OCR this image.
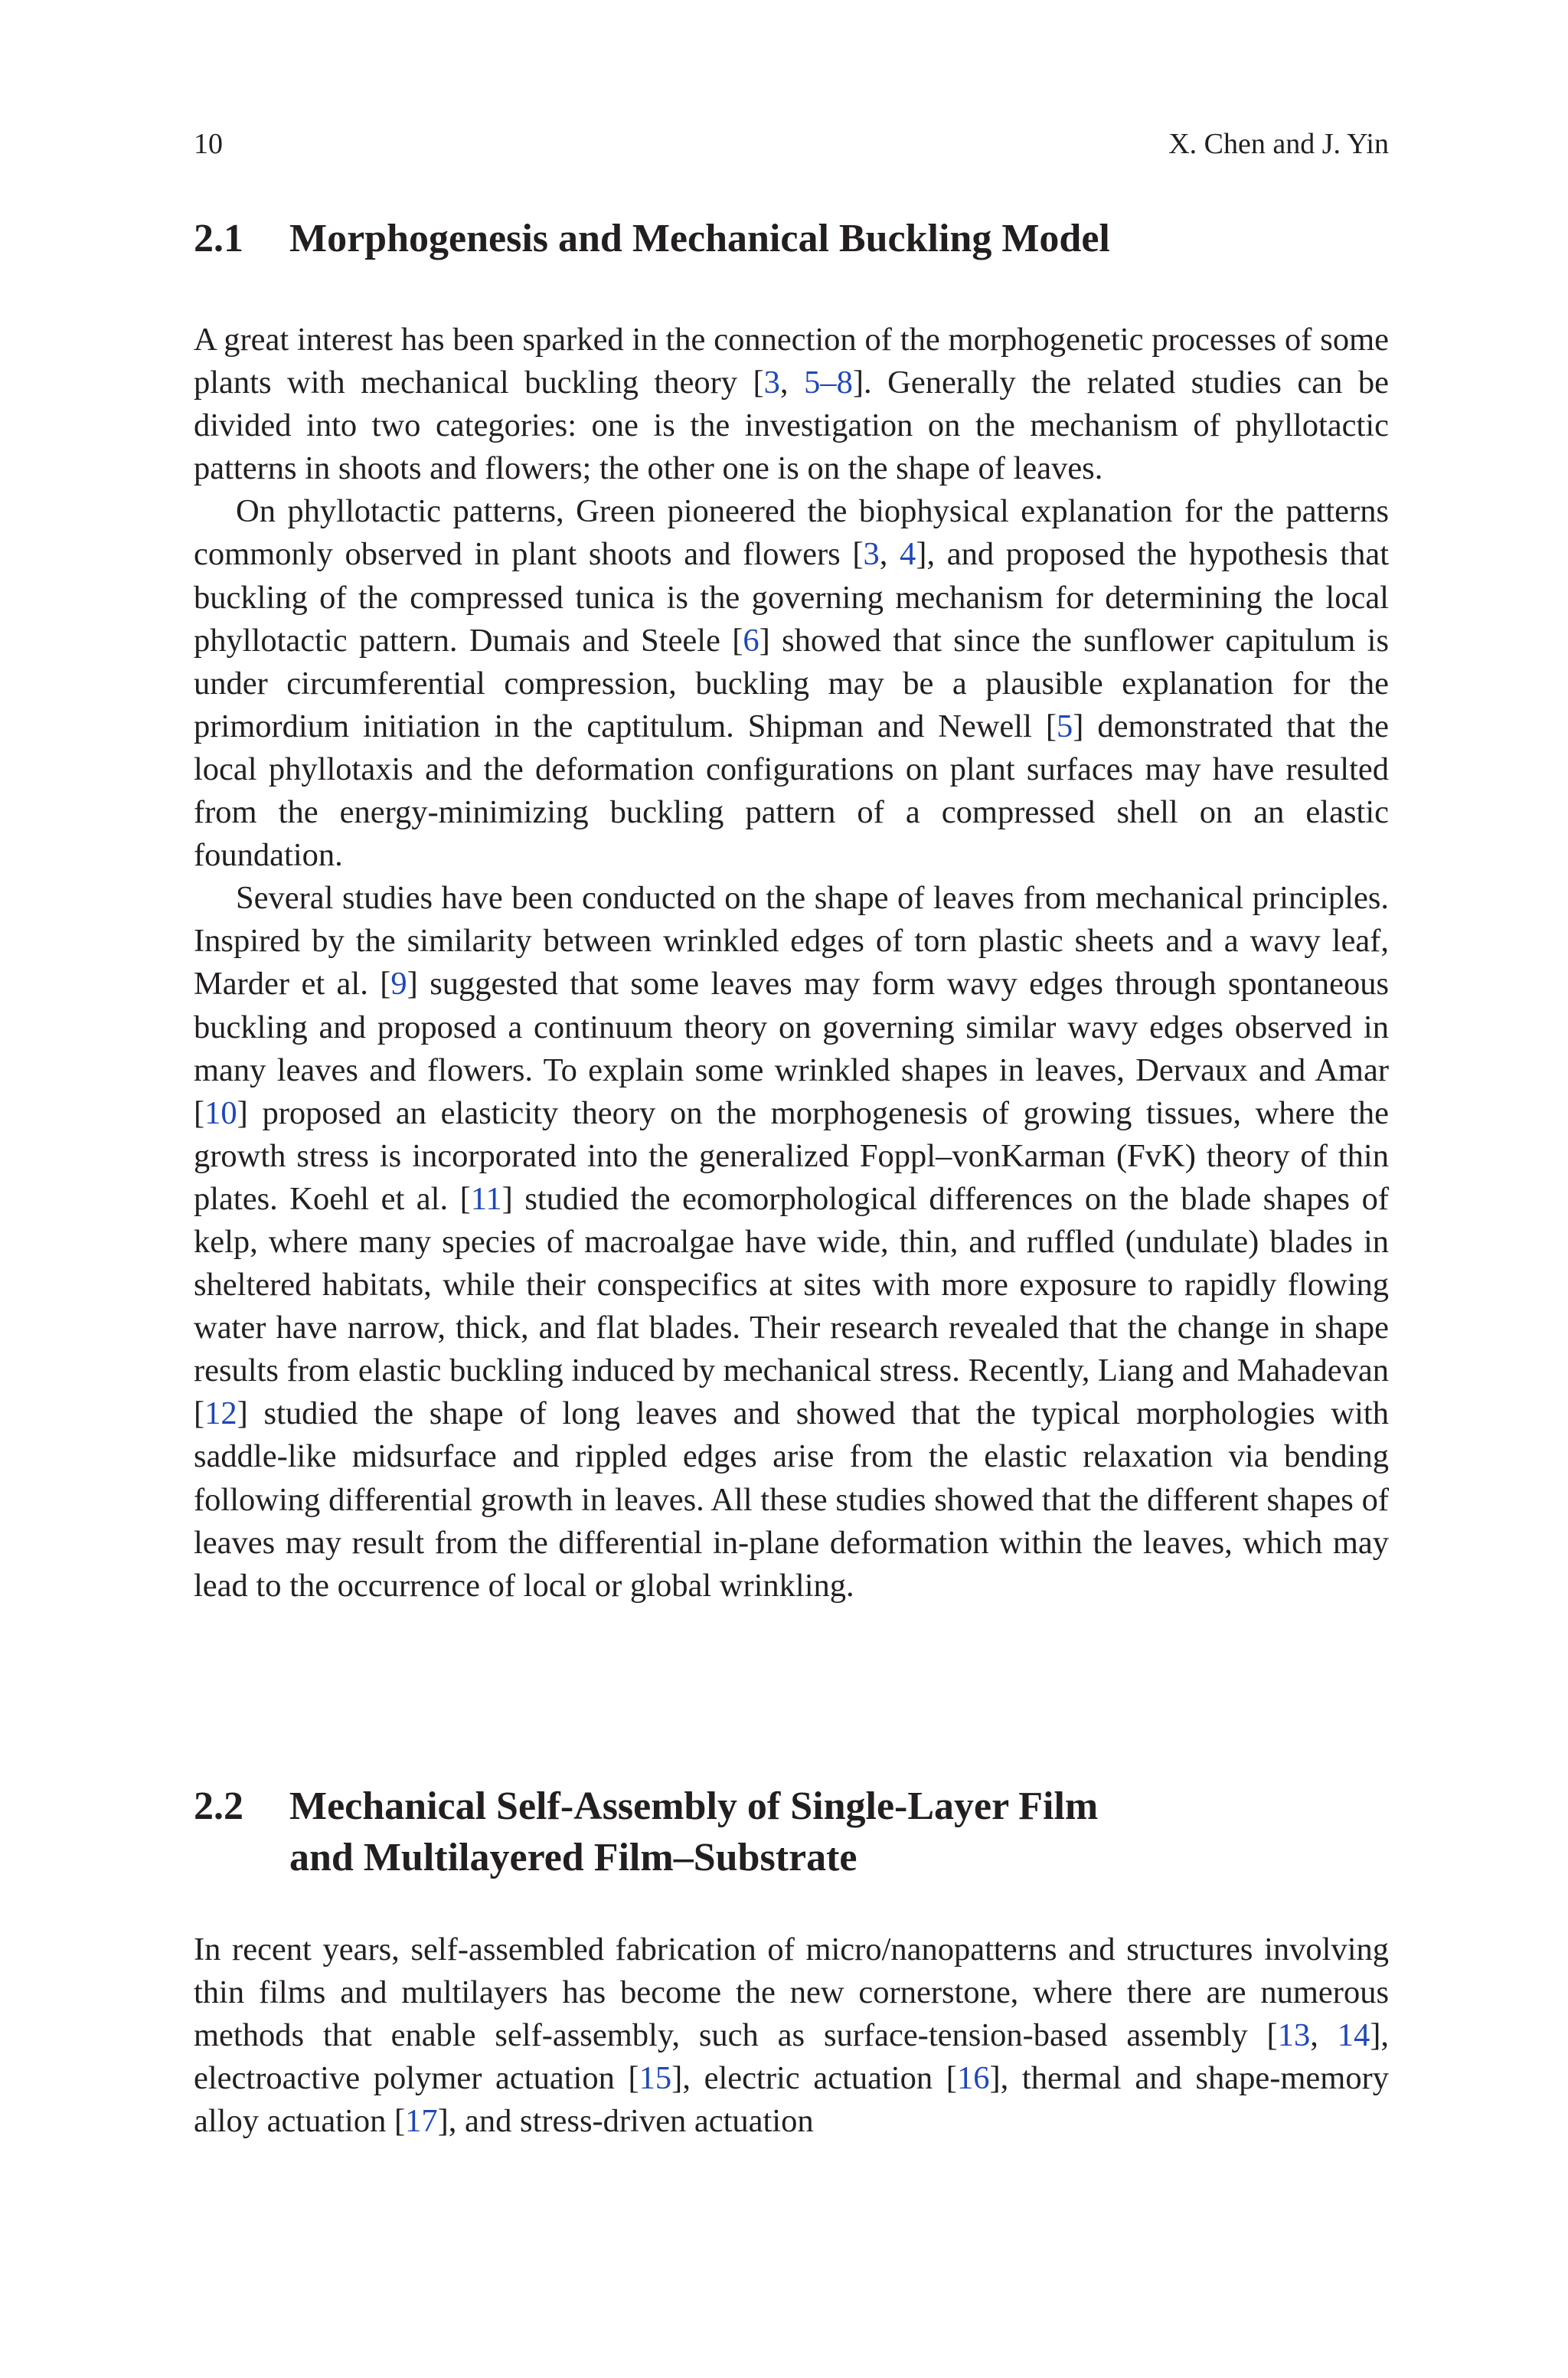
10	X. Chen and J. Yin
2.1 Morphogenesis and Mechanical Buckling Model

A great interest has been sparked in the connection of the morphogenetic processes of some plants with mechanical buckling theory [3, 5–8]. Generally the related studies can be divided into two categories: one is the investigation on the mechanism of phyllotactic patterns in shoots and flowers; the other one is on the shape of leaves.

On phyllotactic patterns, Green pioneered the biophysical explanation for the patterns commonly observed in plant shoots and flowers [3, 4], and proposed the hypothesis that buckling of the compressed tunica is the governing mechanism for determining the local phyllotactic pattern. Dumais and Steele [6] showed that since the sunflower capitulum is under circumferential compression, buckling may be a plausible explanation for the primordium initiation in the captitulum. Shipman and Newell [5] demonstrated that the local phyllotaxis and the deformation configurations on plant surfaces may have resulted from the energy-minimizing buckling pattern of a compressed shell on an elastic foundation.

Several studies have been conducted on the shape of leaves from mechanical principles. Inspired by the similarity between wrinkled edges of torn plastic sheets and a wavy leaf, Marder et al. [9] suggested that some leaves may form wavy edges through spontaneous buckling and proposed a continuum theory on governing similar wavy edges observed in many leaves and flowers. To explain some wrinkled shapes in leaves, Dervaux and Amar [10] proposed an elasticity theory on the morphogenesis of growing tissues, where the growth stress is incorporated into the generalized Foppl–vonKarman (FvK) theory of thin plates. Koehl et al. [11] studied the ecomorphological differences on the blade shapes of kelp, where many species of macroalgae have wide, thin, and ruffled (undulate) blades in sheltered habitats, while their conspecifics at sites with more exposure to rapidly flowing water have narrow, thick, and flat blades. Their research revealed that the change in shape results from elastic buckling induced by mechanical stress. Recently, Liang and Mahadevan [12] studied the shape of long leaves and showed that the typical morphologies with saddle-like midsurface and rippled edges arise from the elastic relaxation via bending following differential growth in leaves. All these studies showed that the different shapes of leaves may result from the differential in-plane deformation within the leaves, which may lead to the occurrence of local or global wrinkling.

2.2 Mechanical Self-Assembly of Single-Layer Film
and Multilayered Film–Substrate

In recent years, self-assembled fabrication of micro/nanopatterns and structures involving thin films and multilayers has become the new cornerstone, where there are numerous methods that enable self-assembly, such as surface-tension-based assembly [13, 14], electroactive polymer actuation [15], electric actuation [16], thermal and shape-memory alloy actuation [17], and stress-driven actuation
